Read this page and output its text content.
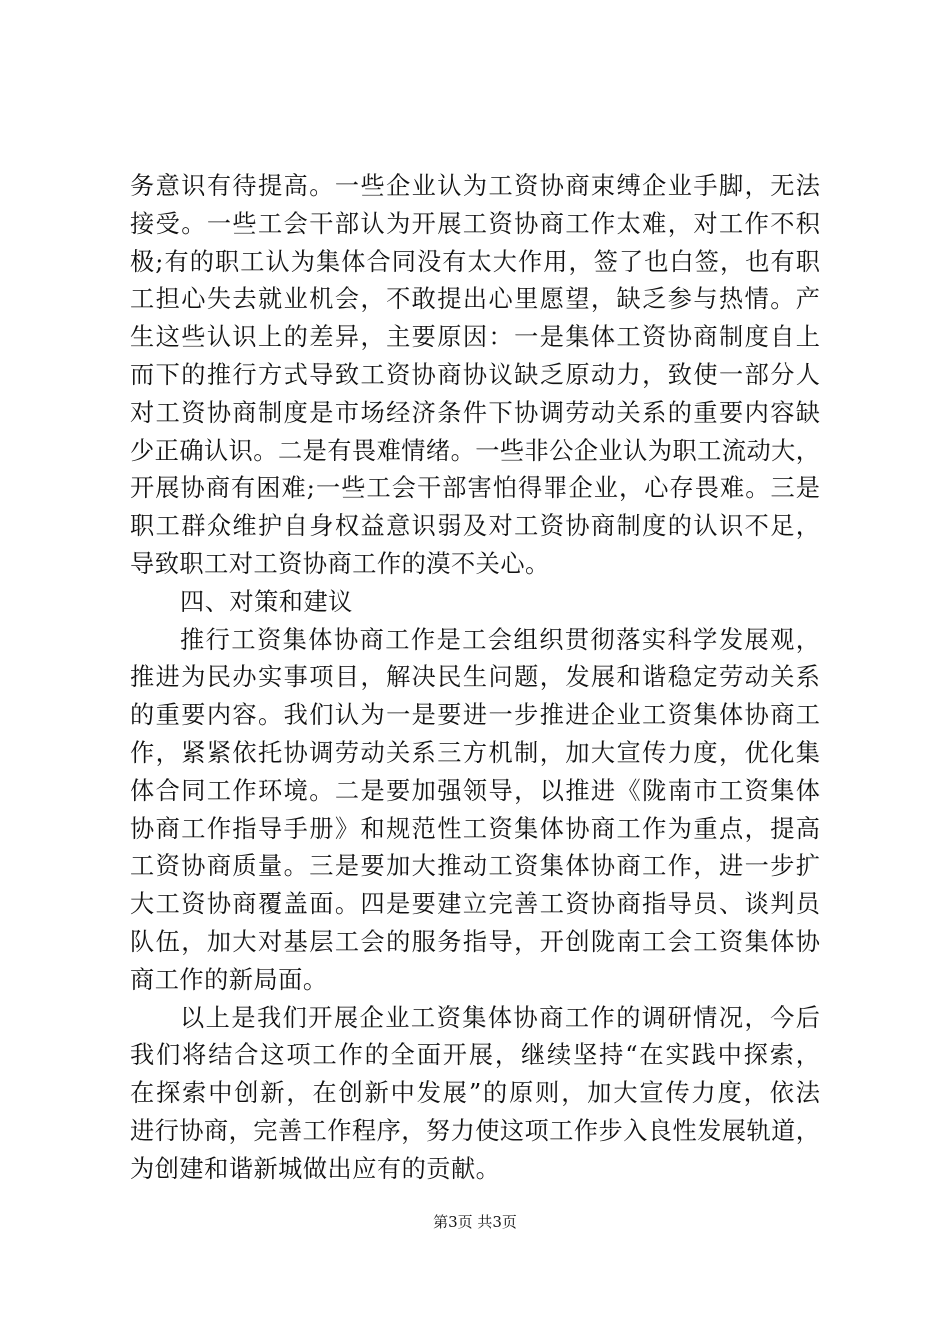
务意识有待提高。一些企业认为工资协商束缚企业手脚，无法
接受。一些工会干部认为开展工资协商工作太难，对工作不积
极;有的职工认为集体合同没有太大作用，签了也白签，也有职
工担心失去就业机会，不敢提出心里愿望，缺乏参与热情。产
生这些认识上的差异，主要原因：一是集体工资协商制度自上
而下的推行方式导致工资协商协议缺乏原动力，致使一部分人
对工资协商制度是市场经济条件下协调劳动关系的重要内容缺
少正确认识。二是有畏难情绪。一些非公企业认为职工流动大，
开展协商有困难;一些工会干部害怕得罪企业，心存畏难。三是
职工群众维护自身权益意识弱及对工资协商制度的认识不足，
导致职工对工资协商工作的漠不关心。
四、对策和建议
推行工资集体协商工作是工会组织贯彻落实科学发展观，
推进为民办实事项目，解决民生问题，发展和谐稳定劳动关系
的重要内容。我们认为一是要进一步推进企业工资集体协商工
作，紧紧依托协调劳动关系三方机制，加大宣传力度，优化集
体合同工作环境。二是要加强领导，以推进《陇南市工资集体
协商工作指导手册》和规范性工资集体协商工作为重点，提高
工资协商质量。三是要加大推动工资集体协商工作，进一步扩
大工资协商覆盖面。四是要建立完善工资协商指导员、谈判员
队伍，加大对基层工会的服务指导，开创陇南工会工资集体协
商工作的新局面。
以上是我们开展企业工资集体协商工作的调研情况，今后
我们将结合这项工作的全面开展，继续坚持“在实践中探索，
在探索中创新，在创新中发展”的原则，加大宣传力度，依法
进行协商，完善工作程序，努力使这项工作步入良性发展轨道，
为创建和谐新城做出应有的贡献。
第3页 共3页
